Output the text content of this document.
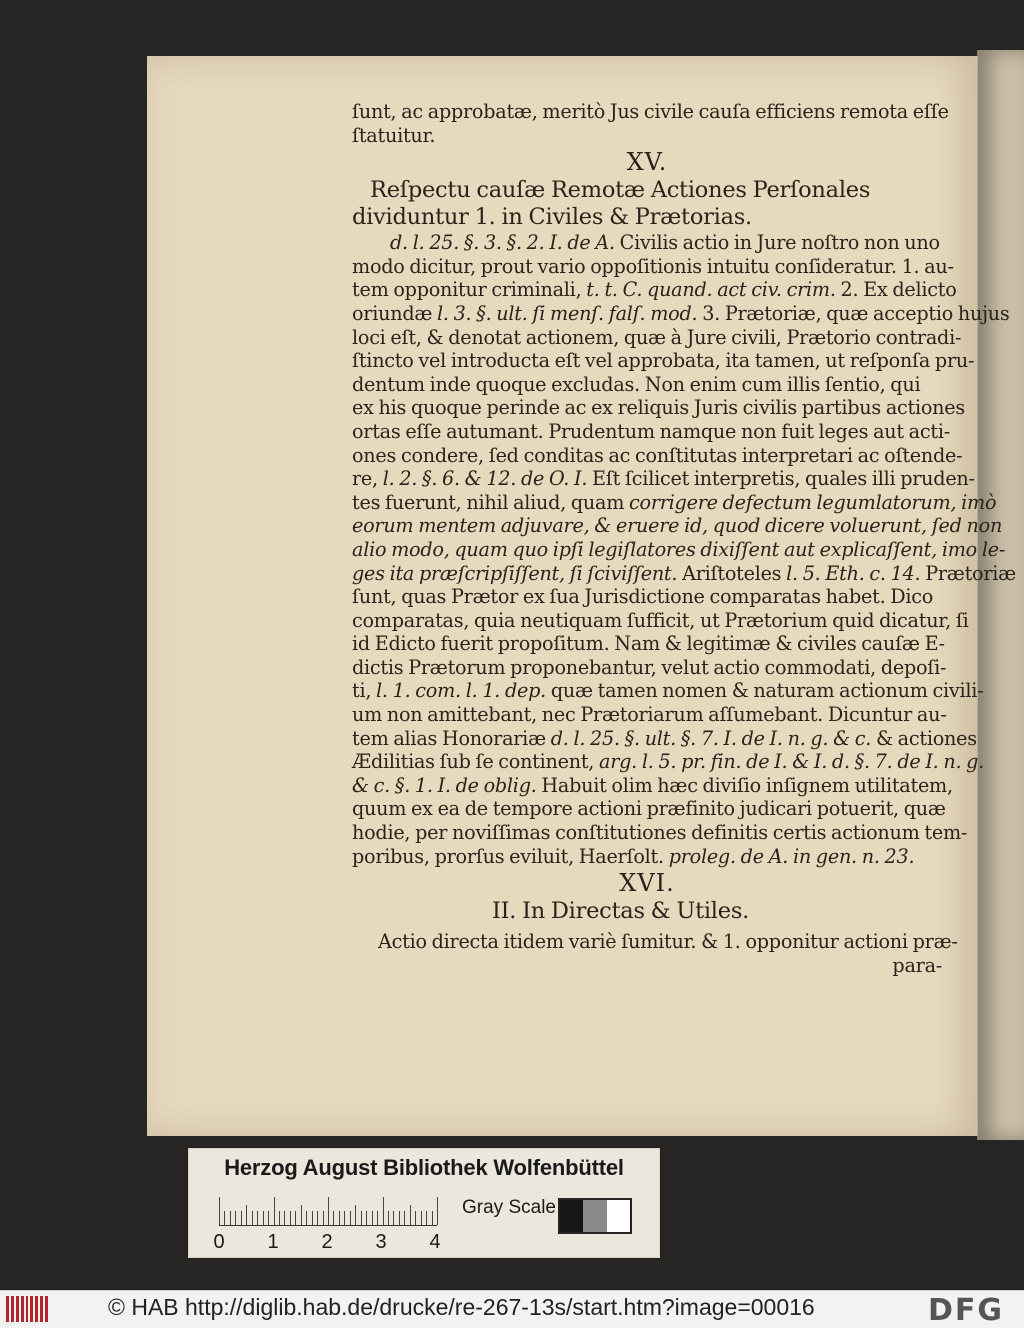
ſunt, ac approbatæ, meritò Jus civile cauſa efficiens remota eſſe
ſtatuitur.
XV.
Reſpectu cauſæ Remotæ Actiones Perſonales
dividuntur 1. in Civiles & Prætorias.
d. l. 25. §. 3. §. 2. I. de A. Civilis actio in Jure noſtro non uno
modo dicitur, prout vario oppoſitionis intuitu conſideratur. 1. au-
tem opponitur criminali, t. t. C. quand. act civ. crim. 2. Ex delicto
oriundæ l. 3. §. ult. ſi menſ. falſ. mod. 3. Prætoriæ, quæ acceptio hujus
loci eſt, & denotat actionem, quæ à Jure civili, Prætorio contradi-
ſtincto vel introducta eſt vel approbata, ita tamen, ut reſponſa pru-
dentum inde quoque excludas. Non enim cum illis ſentio, qui
ex his quoque perinde ac ex reliquis Juris civilis partibus actiones
ortas eſſe autumant. Prudentum namque non fuit leges aut acti-
ones condere, ſed conditas ac conſtitutas interpretari ac oſtende-
re, l. 2. §. 6. & 12. de O. I. Eſt ſcilicet interpretis, quales illi pruden-
tes fuerunt, nihil aliud, quam corrigere defectum legumlatorum, imò
eorum mentem adjuvare, & eruere id, quod dicere voluerunt, ſed non
alio modo, quam quo ipſi legiſlatores dixiſſent aut explicaſſent, imo le-
ges ita præſcripſiſſent, ſi ſciviſſent. Ariſtoteles l. 5. Eth. c. 14. Prætoriæ
ſunt, quas Prætor ex ſua Jurisdictione comparatas habet. Dico
comparatas, quia neutiquam ſufficit, ut Prætorium quid dicatur, ſi
id Edicto fuerit propoſitum. Nam & legitimæ & civiles cauſæ E-
dictis Prætorum proponebantur, velut actio commodati, depoſi-
ti, l. 1. com. l. 1. dep. quæ tamen nomen & naturam actionum civili-
um non amittebant, nec Prætoriarum aſſumebant. Dicuntur au-
tem alias Honorariæ d. l. 25. §. ult. §. 7. I. de I. n. g. & c. & actiones
Ædilitias ſub ſe continent, arg. l. 5. pr. fin. de I. & I. d. §. 7. de I. n. g.
& c. §. 1. I. de oblig. Habuit olim hæc diviſio inſignem utilitatem,
quum ex ea de tempore actioni præfinito judicari potuerit, quæ
hodie, per noviſſimas conſtitutiones definitis certis actionum tem-
poribus, prorſus eviluit, Haerſolt. proleg. de A. in gen. n. 23.
XVI.
II. In Directas & Utiles.
Actio directa itidem variè ſumitur. & 1. opponitur actioni præ-
para-
Herzog August Bibliothek Wolfenbüttel
0 1 2 3 4
Gray Scale
© HAB http://diglib.hab.de/drucke/re-267-13s/start.htm?image=00016	DFG
